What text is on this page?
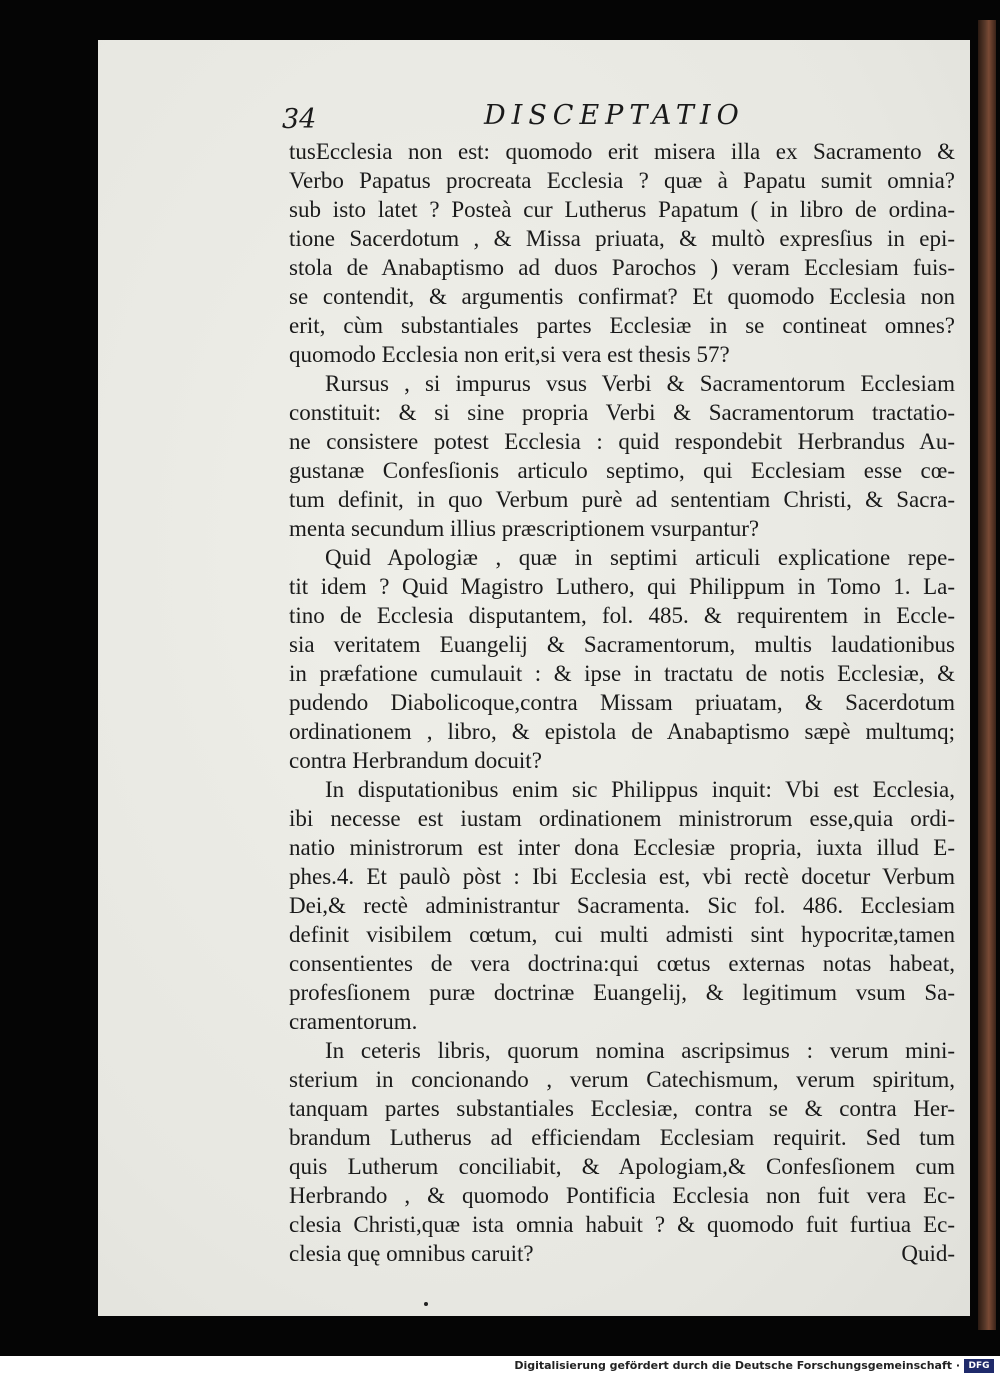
34	DISCEPTATIO
tusEcclesia non est: quomodo erit misera illa ex Sacramento &
Verbo Papatus procreata Ecclesia ? quæ à Papatu sumit omnia?
sub isto latet ? Posteà cur Lutherus Papatum ( in libro de ordina-
tione Sacerdotum , & Missa priuata, & multò expresſius in epi-
stola de Anabaptismo ad duos Parochos ) veram Ecclesiam fuis-
se contendit, & argumentis confirmat? Et quomodo Ecclesia non
erit, cùm substantiales partes Ecclesiæ in se contineat omnes?
quomodo Ecclesia non erit,si vera est thesis 57?
Rursus , si impurus vsus Verbi & Sacramentorum Ecclesiam
constituit: & si sine propria Verbi & Sacramentorum tractatio-
ne consistere potest Ecclesia : quid respondebit Herbrandus Au-
gustanæ Confesſionis articulo septimo, qui Ecclesiam esse cœ-
tum definit, in quo Verbum purè ad sententiam Christi, & Sacra-
menta secundum illius præscriptionem vsurpantur?
Quid Apologiæ , quæ in septimi articuli explicatione repe-
tit idem ? Quid Magistro Luthero, qui Philippum in Tomo 1. La-
tino de Ecclesia disputantem, fol. 485. & requirentem in Eccle-
sia veritatem Euangelij & Sacramentorum, multis laudationibus
in præfatione cumulauit : & ipse in tractatu de notis Ecclesiæ, &
pudendo Diabolicoque,contra Missam priuatam, & Sacerdotum
ordinationem , libro, & epistola de Anabaptismo sæpè multumq;
contra Herbrandum docuit?
In disputationibus enim sic Philippus inquit: Vbi est Ecclesia,
ibi necesse est iustam ordinationem ministrorum esse,quia ordi-
natio ministrorum est inter dona Ecclesiæ propria, iuxta illud E-
phes.4. Et paulò pòst : Ibi Ecclesia est, vbi rectè docetur Verbum
Dei,& rectè administrantur Sacramenta. Sic fol. 486. Ecclesiam
definit visibilem cœtum, cui multi admisti sint hypocritæ,tamen
consentientes de vera doctrina:qui cœtus externas notas habeat,
profesſionem puræ doctrinæ Euangelij, & legitimum vsum Sa-
cramentorum.
In ceteris libris, quorum nomina ascripsimus : verum mini-
sterium in concionando , verum Catechismum, verum spiritum,
tanquam partes substantiales Ecclesiæ, contra se & contra Her-
brandum Lutherus ad efficiendam Ecclesiam requirit. Sed tum
quis Lutherum conciliabit, & Apologiam,& Confesſionem cum
Herbrando , & quomodo Pontificia Ecclesia non fuit vera Ec-
clesia Christi,quæ ista omnia habuit ? & quomodo fuit furtiua Ec-
clesia quę omnibus caruit?	Quid-
Digitalisierung gefördert durch die Deutsche Forschungsgemeinschaft · DFG
